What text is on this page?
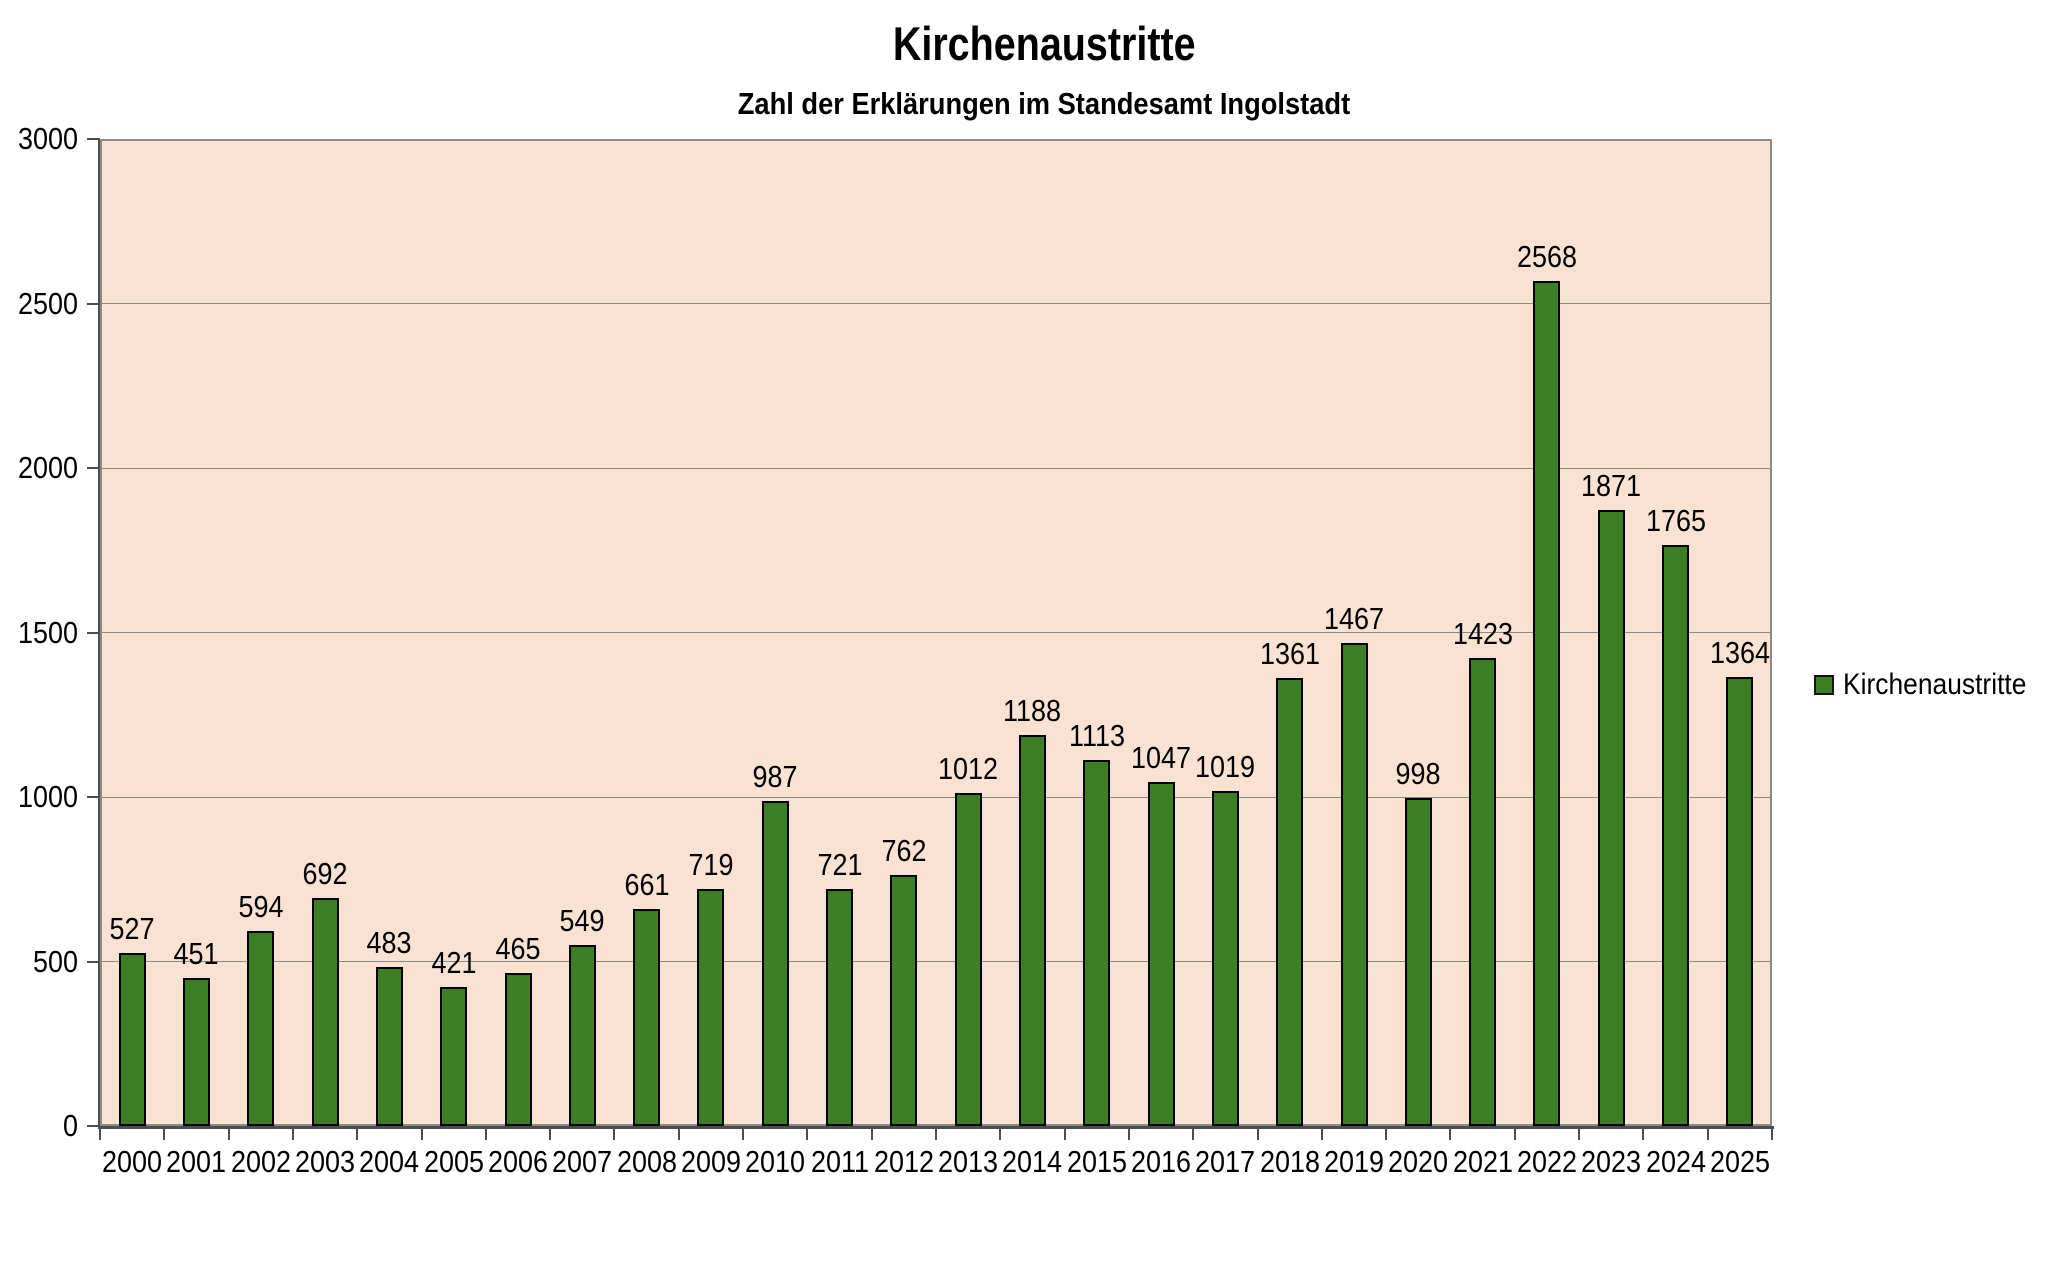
Kirchenaustritte
Zahl der Erklärungen im Standesamt Ingolstadt
0
500
1000
1500
2000
2500
3000
527
2000
451
2001
594
2002
692
2003
483
2004
421
2005
465
2006
549
2007
661
2008
719
2009
987
2010
721
2011
762
2012
1012
2013
1188
2014
1113
2015
1047
2016
1019
2017
1361
2018
1467
2019
998
2020
1423
2021
2568
2022
1871
2023
1765
2024
1364
2025
Kirchenaustritte
